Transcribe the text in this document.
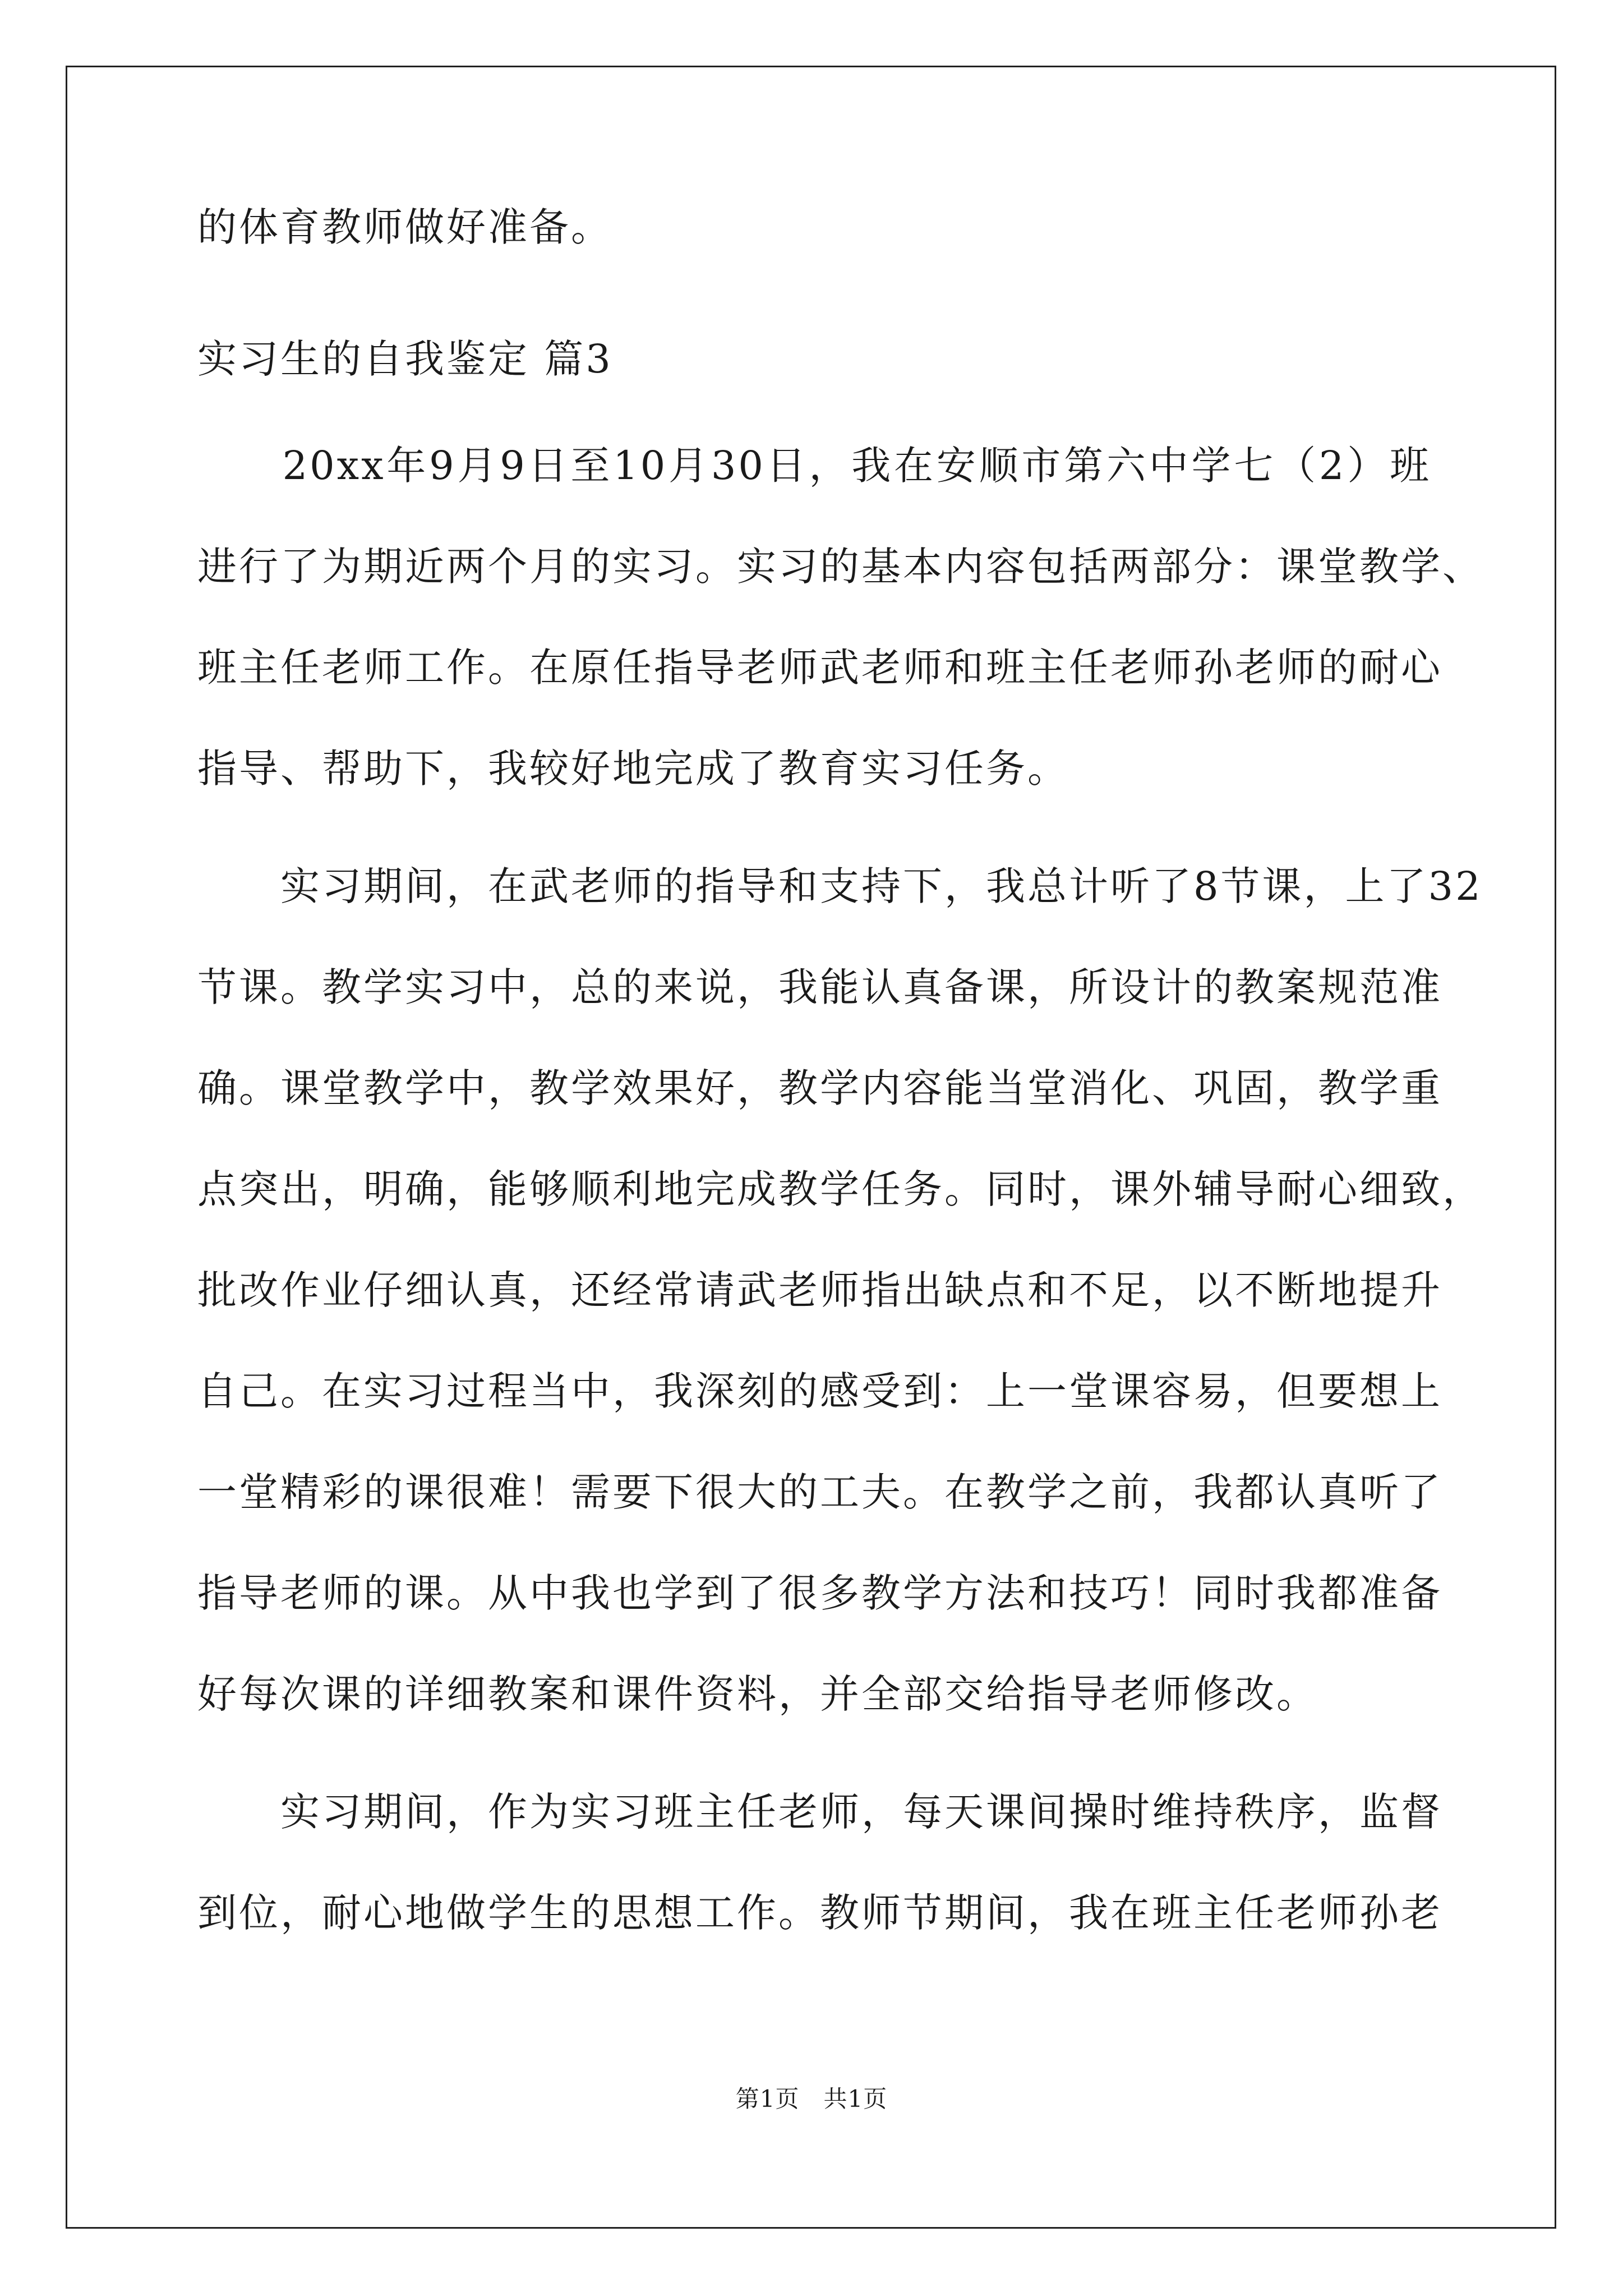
的体育教师做好准备。
实习生的自我鉴定 篇3
　　20xx年9月9日至10月30日，我在安顺市第六中学七（2）班
进行了为期近两个月的实习。实习的基本内容包括两部分：课堂教学、
班主任老师工作。在原任指导老师武老师和班主任老师孙老师的耐心
指导、帮助下，我较好地完成了教育实习任务。
　　实习期间，在武老师的指导和支持下，我总计听了8节课，上了32
节课。教学实习中，总的来说，我能认真备课，所设计的教案规范准
确。课堂教学中，教学效果好，教学内容能当堂消化、巩固，教学重
点突出，明确，能够顺利地完成教学任务。同时，课外辅导耐心细致，
批改作业仔细认真，还经常请武老师指出缺点和不足，以不断地提升
自己。在实习过程当中，我深刻的感受到：上一堂课容易，但要想上
一堂精彩的课很难！需要下很大的工夫。在教学之前，我都认真听了
指导老师的课。从中我也学到了很多教学方法和技巧！同时我都准备
好每次课的详细教案和课件资料，并全部交给指导老师修改。
　　实习期间，作为实习班主任老师，每天课间操时维持秩序，监督
到位，耐心地做学生的思想工作。教师节期间，我在班主任老师孙老
第1页　共1页
